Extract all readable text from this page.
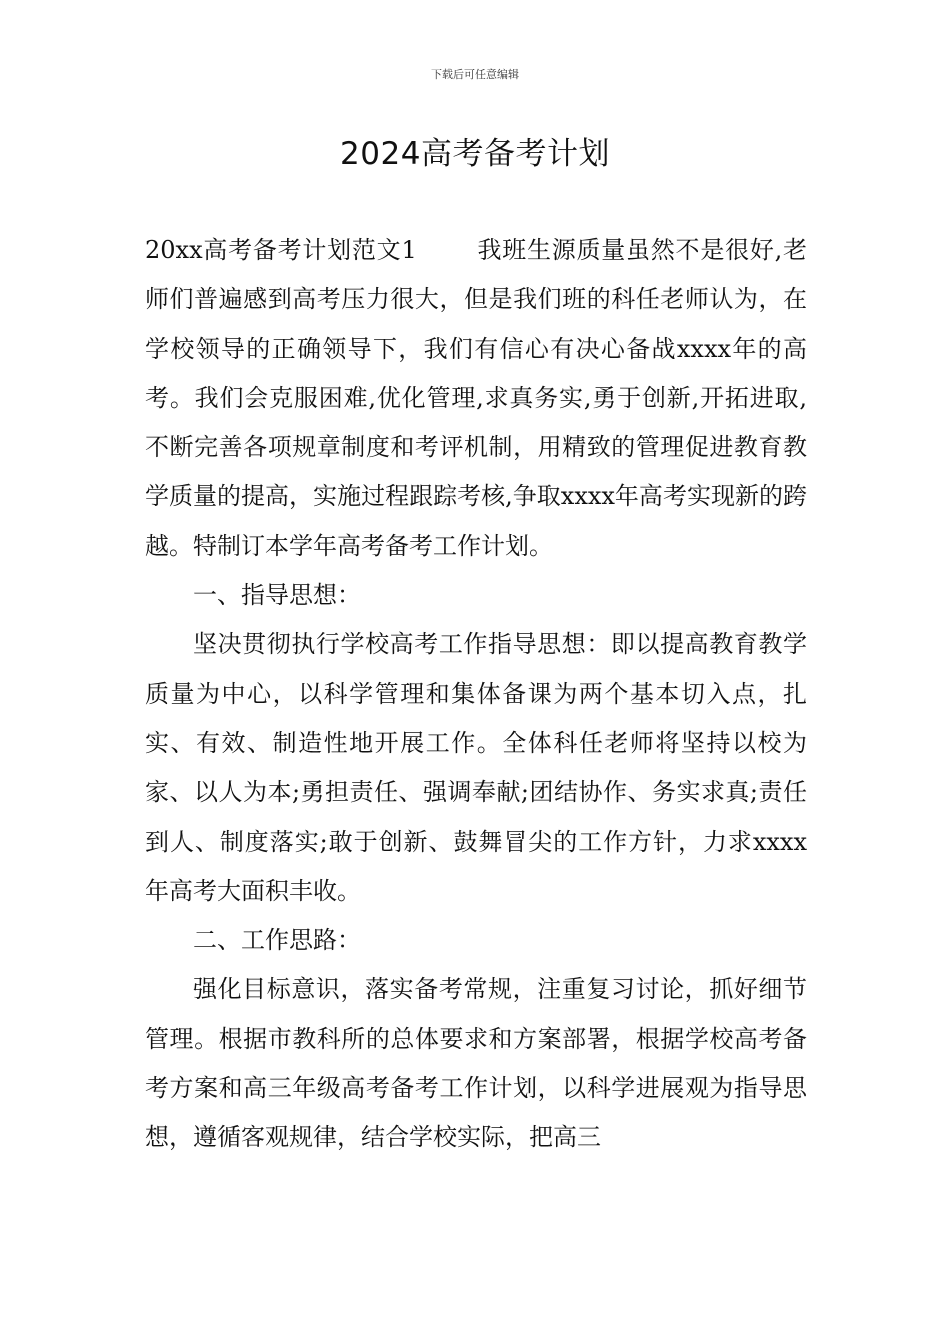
下载后可任意编辑
2024高考备考计划

20xx高考备考计划范文1	我班生源质量虽然不是很好,老师们普遍感到高考压力很大，但是我们班的科任老师认为，在学校领导的正确领导下，我们有信心有决心备战xxxx年的高考。我们会克服困难,优化管理,求真务实,勇于创新,开拓进取,不断完善各项规章制度和考评机制，用精致的管理促进教育教学质量的提高，实施过程跟踪考核,争取xxxx年高考实现新的跨越。特制订本学年高考备考工作计划。

一、指导思想：

坚决贯彻执行学校高考工作指导思想：即以提高教育教学质量为中心，以科学管理和集体备课为两个基本切入点，扎实、有效、制造性地开展工作。全体科任老师将坚持以校为家、以人为本;勇担责任、强调奉献;团结协作、务实求真;责任到人、制度落实;敢于创新、鼓舞冒尖的工作方针，力求xxxx年高考大面积丰收。

二、工作思路：

强化目标意识，落实备考常规，注重复习讨论，抓好细节管理。根据市教科所的总体要求和方案部署，根据学校高考备考方案和高三年级高考备考工作计划，以科学进展观为指导思想，遵循客观规律，结合学校实际，把高三
